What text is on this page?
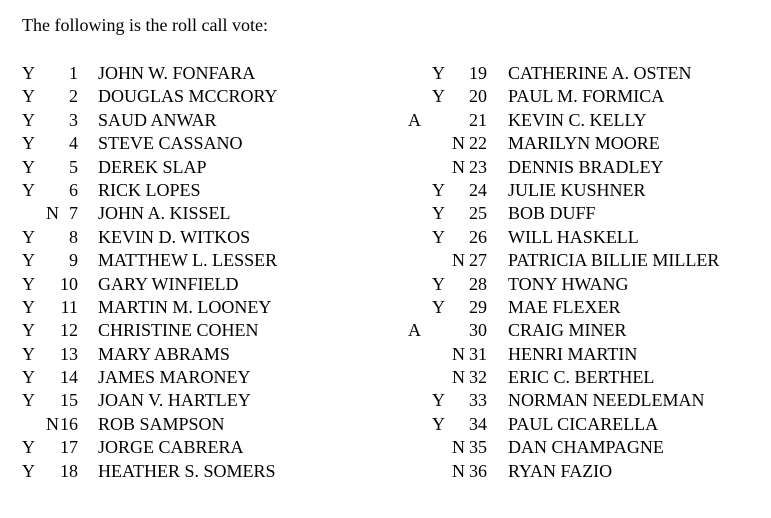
The following is the roll call vote:
Y 1 JOHN W. FONFARA
Y 2 DOUGLAS MCCRORY
Y 3 SAUD ANWAR
Y 4 STEVE CASSANO
Y 5 DEREK SLAP
Y 6 RICK LOPES
N 7 JOHN A. KISSEL
Y 8 KEVIN D. WITKOS
Y 9 MATTHEW L. LESSER
Y 10 GARY WINFIELD
Y 11 MARTIN M. LOONEY
Y 12 CHRISTINE COHEN
Y 13 MARY ABRAMS
Y 14 JAMES MARONEY
Y 15 JOAN V. HARTLEY
N 16 ROB SAMPSON
Y 17 JORGE CABRERA
Y 18 HEATHER S. SOMERS
Y 19 CATHERINE A. OSTEN
Y 20 PAUL M. FORMICA
A	21 KEVIN C. KELLY
N 22 MARILYN MOORE
N 23 DENNIS BRADLEY
Y 24 JULIE KUSHNER
Y 25 BOB DUFF
Y 26 WILL HASKELL
N 27 PATRICIA BILLIE MILLER
Y 28 TONY HWANG
Y 29 MAE FLEXER
A	30 CRAIG MINER
N 31 HENRI MARTIN
N 32 ERIC C. BERTHEL
Y 33 NORMAN NEEDLEMAN
Y 34 PAUL CICARELLA
N 35 DAN CHAMPAGNE
N 36 RYAN FAZIO
